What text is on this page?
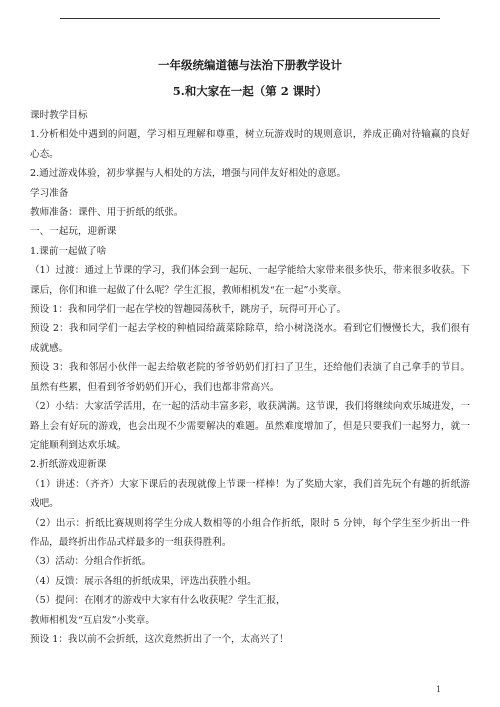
一年级统编道德与法治下册教学设计

5.和大家在一起（第 2 课时）

课时教学目标

1.分析相处中遇到的问题，学习相互理解和尊重，树立玩游戏时的规则意识，养成正确对待输赢的良好心态。

2.通过游戏体验，初步掌握与人相处的方法，增强与同伴友好相处的意愿。

学习准备

教师准备：课件、用于折纸的纸张。

一、一起玩，迎新课

1.课前一起做了啥

（1）过渡：通过上节课的学习，我们体会到一起玩、一起学能给大家带来很多快乐，带来很多收获。下课后，你们和谁一起做了什么呢？学生汇报，教师相机发“在一起”小奖章。

预设 1：我和同学们一起在学校的智趣园荡秋千，跳房子，玩得可开心了。

预设 2：我和同学们一起去学校的种植园给蔬菜除除草，给小树浇浇水。看到它们慢慢长大，我们很有成就感。

预设 3：我和邻居小伙伴一起去给敬老院的爷爷奶奶们打扫了卫生，还给他们表演了自己拿手的节目。虽然有些累，但看到爷爷奶奶们开心，我们也都非常高兴。

（2）小结：大家活学活用，在一起的活动丰富多彩，收获满满。这节课，我们将继续向欢乐城进发，一路上会有好玩的游戏，也会出现不少需要解决的难题。虽然难度增加了，但是只要我们一起努力，就一定能顺利到达欢乐城。

2.折纸游戏迎新课

（1）讲述：（齐齐）大家下课后的表现就像上节课一样棒！为了奖励大家，我们首先玩个有趣的折纸游戏吧。

（2）出示：折纸比赛规则将学生分成人数相等的小组合作折纸，限时 5 分钟，每个学生至少折出一件作品，最终折出作品式样最多的一组获得胜利。

（3）活动：分组合作折纸。

（4）反馈：展示各组的折纸成果，评选出获胜小组。

（5）提问：在刚才的游戏中大家有什么收获呢？学生汇报，

教师相机发“互启发”小奖章。

预设 1：我以前不会折纸，这次竟然折出了一个，太高兴了！

1
